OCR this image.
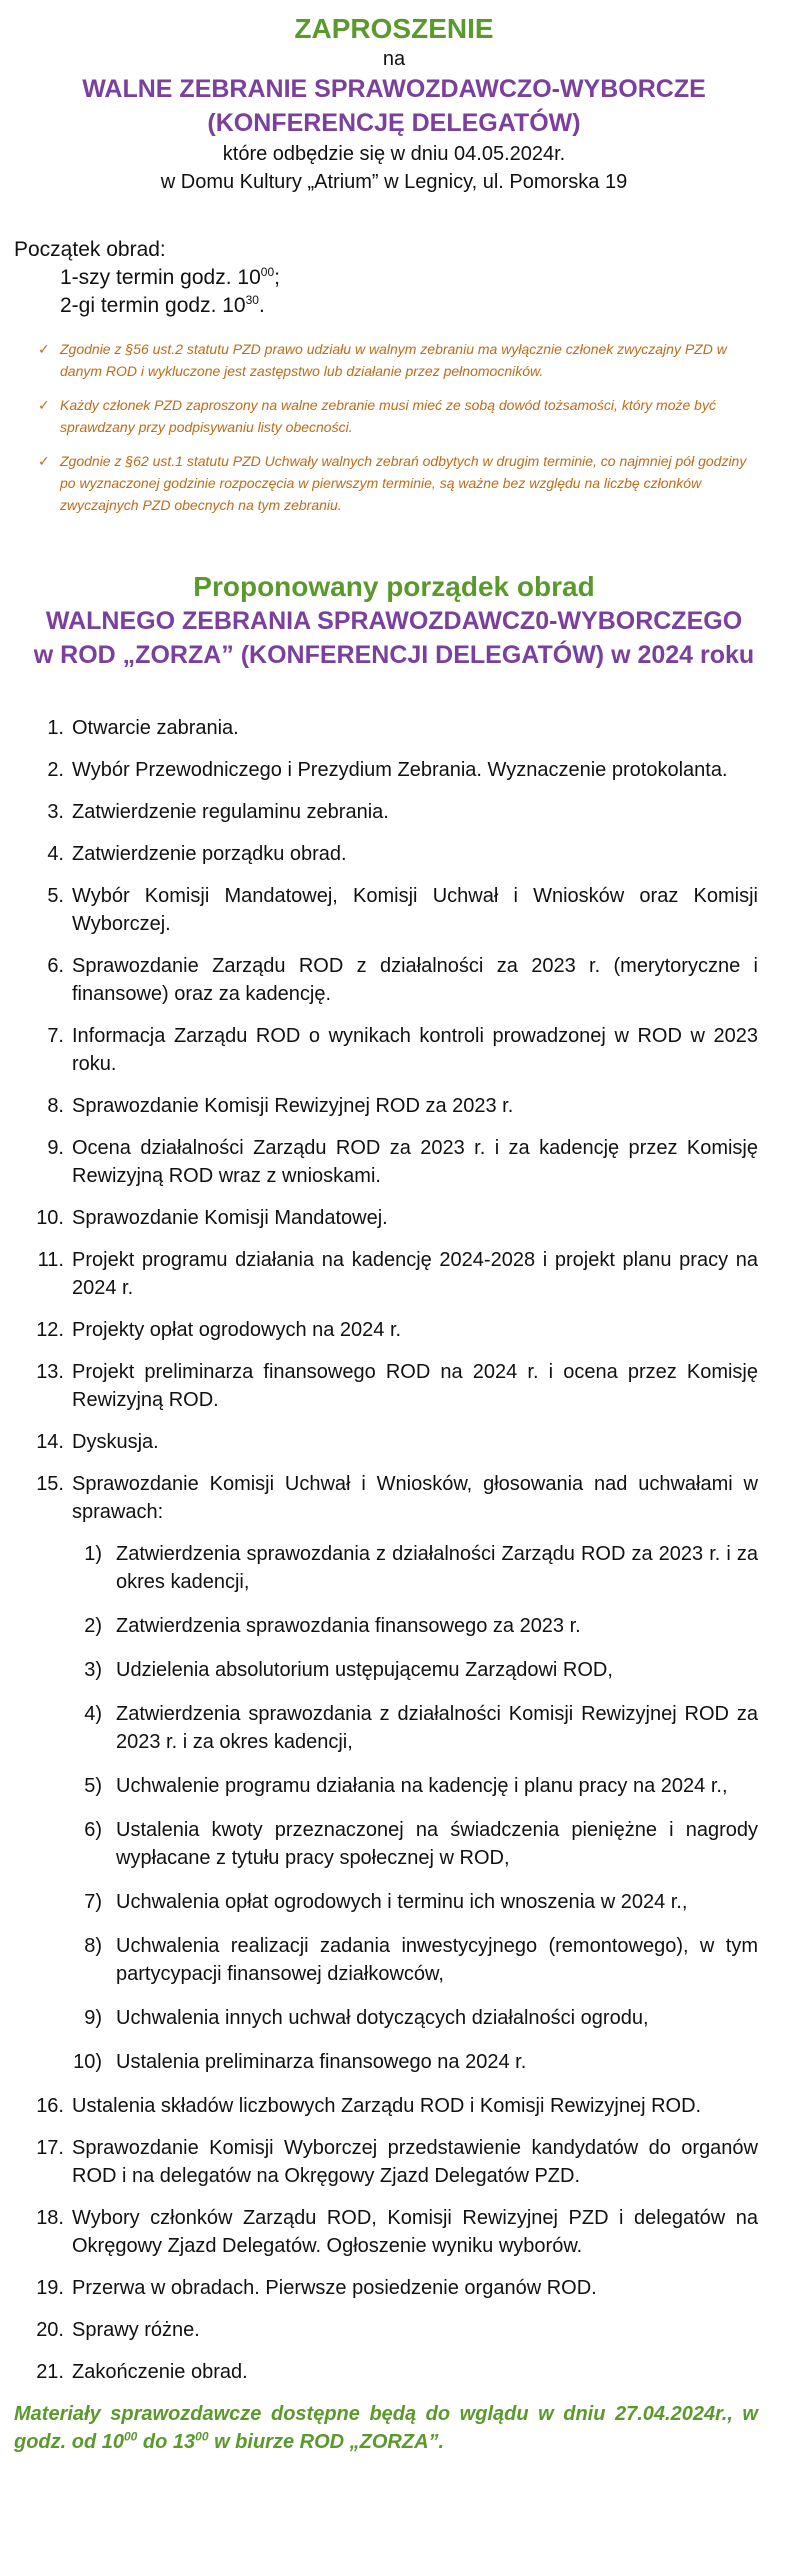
ZAPROSZENIE
na
WALNE ZEBRANIE SPRAWOZDAWCZO-WYBORCZE
(KONFERENCJĘ DELEGATÓW)
które odbędzie się w dniu 04.05.2024r.
w Domu Kultury „Atrium” w Legnicy, ul. Pomorska 19
Początek obrad:
1-szy termin godz. $10^{00}$;
2-gi termin godz. $10^{30}$.
✓ Zgodnie z §56 ust.2 statutu PZD prawo udziału w walnym zebraniu ma wyłącznie członek zwyczajny PZD w danym ROD i wykluczone jest zastępstwo lub działanie przez pełnomocników.
✓ Każdy członek PZD zaproszony na walne zebranie musi mieć ze sobą dowód tożsamości, który może być sprawdzany przy podpisywaniu listy obecności.
✓ Zgodnie z §62 ust.1 statutu PZD Uchwały walnych zebrań odbytych w drugim terminie, co najmniej pół godziny po wyznaczonej godzinie rozpoczęcia w pierwszym terminie, są ważne bez względu na liczbę członków zwyczajnych PZD obecnych na tym zebraniu.
Proponowany porządek obrad
WALNEGO ZEBRANIA SPRAWOZDAWCZ0-WYBORCZEGO
w ROD „ZORZA” (KONFERENCJI DELEGATÓW) w 2024 roku
1. Otwarcie zabrania.
2. Wybór Przewodniczego i Prezydium Zebrania. Wyznaczenie protokolanta.
3. Zatwierdzenie regulaminu zebrania.
4. Zatwierdzenie porządku obrad.
5. Wybór Komisji Mandatowej, Komisji Uchwał i Wniosków oraz Komisji Wyborczej.
6. Sprawozdanie Zarządu ROD z działalności za 2023 r. (merytoryczne i finansowe) oraz za kadencję.
7. Informacja Zarządu ROD o wynikach kontroli prowadzonej w ROD w 2023 roku.
8. Sprawozdanie Komisji Rewizyjnej ROD za 2023 r.
9. Ocena działalności Zarządu ROD za 2023 r. i za kadencję przez Komisję Rewizyjną ROD wraz z wnioskami.
10. Sprawozdanie Komisji Mandatowej.
11. Projekt programu działania na kadencję 2024-2028 i projekt planu pracy na 2024 r.
12. Projekty opłat ogrodowych na 2024 r.
13. Projekt preliminarza finansowego ROD na 2024 r. i ocena przez Komisję Rewizyjną ROD.
14. Dyskusja.
15. Sprawozdanie Komisji Uchwał i Wniosków, głosowania nad uchwałami w sprawach:
1) Zatwierdzenia sprawozdania z działalności Zarządu ROD za 2023 r. i za okres kadencji,
2) Zatwierdzenia sprawozdania finansowego za 2023 r.
3) Udzielenia absolutorium ustępującemu Zarządowi ROD,
4) Zatwierdzenia sprawozdania z działalności Komisji Rewizyjnej ROD za 2023 r. i za okres kadencji,
5) Uchwalenie programu działania na kadencję i planu pracy na 2024 r.,
6) Ustalenia kwoty przeznaczonej na świadczenia pieniężne i nagrody wypłacane z tytułu pracy społecznej w ROD,
7) Uchwalenia opłat ogrodowych i terminu ich wnoszenia w 2024 r.,
8) Uchwalenia realizacji zadania inwestycyjnego (remontowego), w tym partycypacji finansowej działkowców,
9) Uchwalenia innych uchwał dotyczących działalności ogrodu,
10) Ustalenia preliminarza finansowego na 2024 r.
16. Ustalenia składów liczbowych Zarządu ROD i Komisji Rewizyjnej ROD.
17. Sprawozdanie Komisji Wyborczej przedstawienie kandydatów do organów ROD i na delegatów na Okręgowy Zjazd Delegatów PZD.
18. Wybory członków Zarządu ROD, Komisji Rewizyjnej PZD i delegatów na Okręgowy Zjazd Delegatów. Ogłoszenie wyniku wyborów.
19. Przerwa w obradach. Pierwsze posiedzenie organów ROD.
20. Sprawy różne.
21. Zakończenie obrad.
Materiały sprawozdawcze dostępne będą do wglądu w dniu 27.04.2024r., w godz. od $10^{00}$ do $13^{00}$ w biurze ROD „ZORZA”.
